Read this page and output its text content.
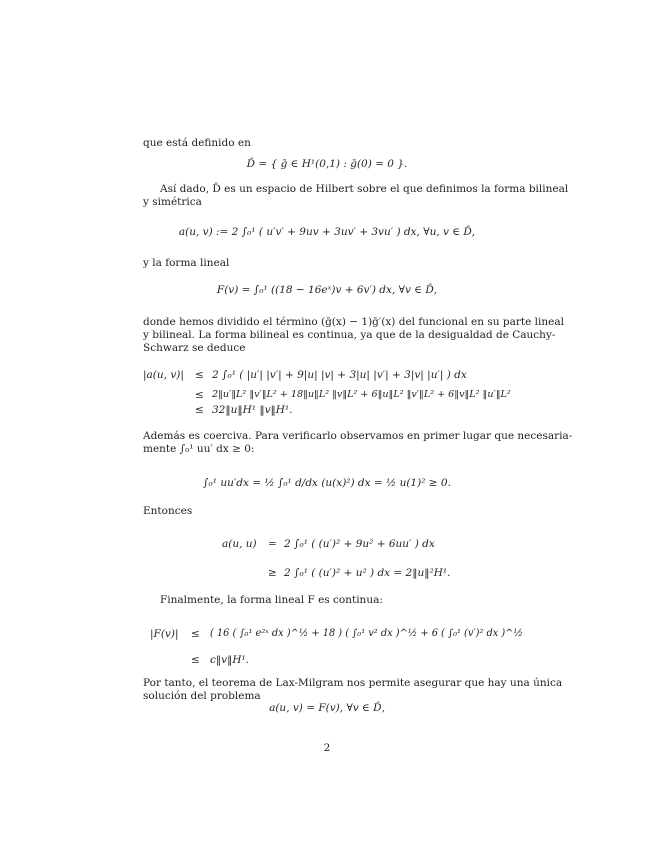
que está definido en
D̂ = { ḡ ∈ H¹(0,1) : ḡ(0) = 0 }.
Así dado, D̂ es un espacio de Hilbert sobre el que definimos la forma bilineal
y simétrica
a(u, v) := 2 ∫₀¹ ( u′v′ + 9uv + 3uv′ + 3vu′ ) dx, ∀u, v ∈ D̂,
y la forma lineal
F(v) = ∫₀¹ ((18 − 16eˣ)v + 6v′) dx, ∀v ∈ D̂,
donde hemos dividido el término (ḡ(x) − 1)ḡ′(x) del funcional en su parte lineal
y bilineal. La forma bilineal es continua, ya que de la desigualdad de Cauchy-
Schwarz se deduce
|a(u, v)| ≤ 2 ∫₀¹ ( |u′| |v′| + 9|u| |v| + 3|u| |v′| + 3|v| |u′| ) dx
≤ 2‖u′‖L² ‖v′‖L² + 18‖u‖L² ‖v‖L² + 6‖u‖L² ‖v′‖L² + 6‖v‖L² ‖u′‖L²
≤ 32‖u‖H¹ ‖v‖H¹.
Además es coerciva. Para verificarlo observamos en primer lugar que necesaria-
mente ∫₀¹ uu′ dx ≥ 0:
∫₀¹ uu′dx = ½ ∫₀¹ d/dx (u(x)²) dx = ½ u(1)² ≥ 0.
Entonces
a(u, u) = 2 ∫₀¹ ( (u′)² + 9u² + 6uu′ ) dx
≥ 2 ∫₀¹ ( (u′)² + u² ) dx = 2‖u‖²H¹.
Finalmente, la forma lineal F es continua:
|F(v)| ≤ ( 16 ( ∫₀¹ e²ˣ dx )^½ + 18 ) ( ∫₀¹ v² dx )^½ + 6 ( ∫₀¹ (v′)² dx )^½
≤ c‖v‖H¹.
Por tanto, el teorema de Lax-Milgram nos permite asegurar que hay una única
solución del problema
a(u, v) = F(v), ∀v ∈ D̂,
2
